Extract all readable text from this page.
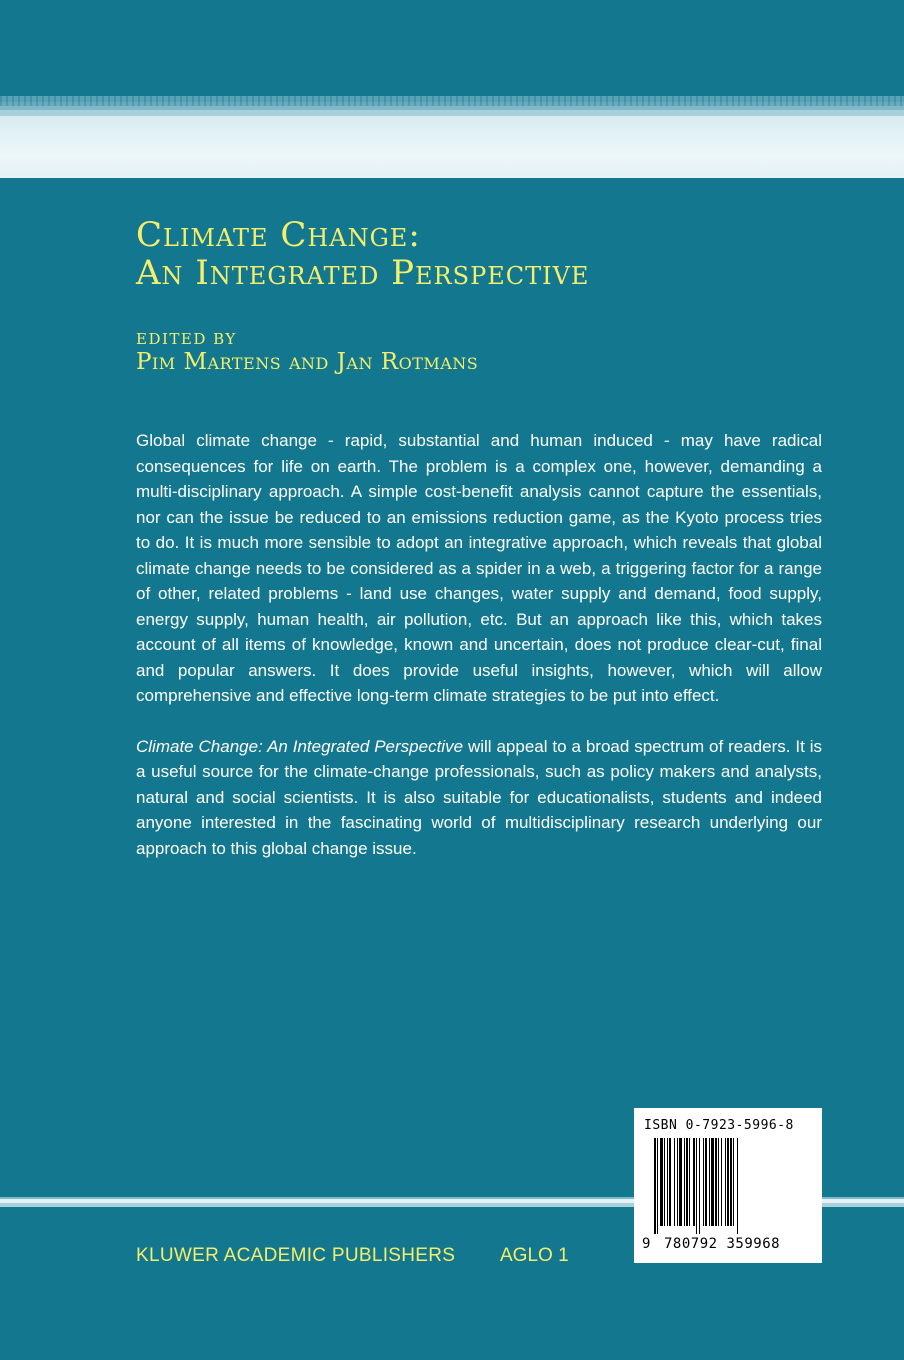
Climate Change:
An Integrated Perspective
EDITED BY
Pim Martens and Jan Rotmans

Global climate change - rapid, substantial and human induced - may have radical consequences for life on earth. The problem is a complex one, however, demanding a multi-disciplinary approach. A simple cost-benefit analysis cannot capture the essentials, nor can the issue be reduced to an emissions reduction game, as the Kyoto process tries to do. It is much more sensible to adopt an integrative approach, which reveals that global climate change needs to be considered as a spider in a web, a triggering factor for a range of other, related problems - land use changes, water supply and demand, food supply, energy supply, human health, air pollution, etc. But an approach like this, which takes account of all items of knowledge, known and uncertain, does not produce clear-cut, final and popular answers. It does provide useful insights, however, which will allow comprehensive and effective long-term climate strategies to be put into effect.

Climate Change: An Integrated Perspective will appeal to a broad spectrum of readers. It is a useful source for the climate-change professionals, such as policy makers and analysts, natural and social scientists. It is also suitable for educationalists, students and indeed anyone interested in the fascinating world of multidisciplinary research underlying our approach to this global change issue.

KLUWER ACADEMIC PUBLISHERS AGLO 1
ISBN 0-7923-5996-8
9 780792 359968
